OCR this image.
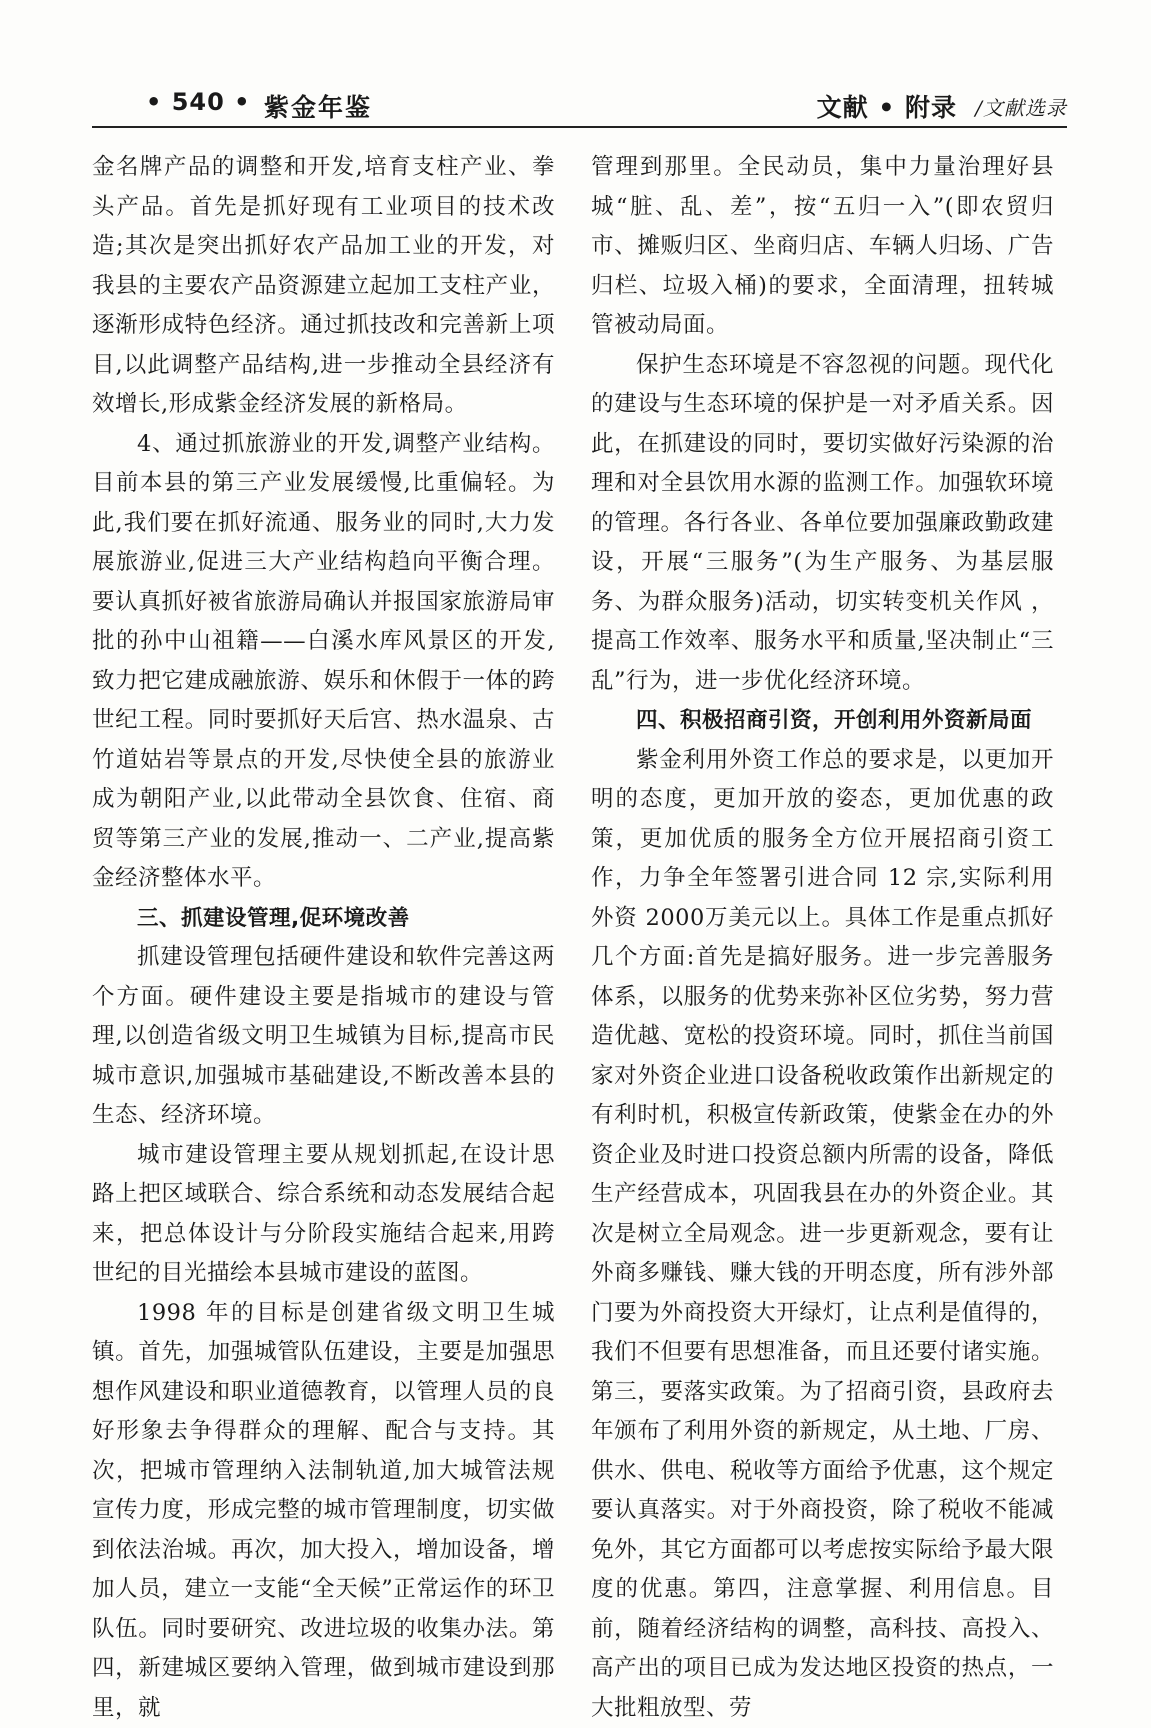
• 540 • 紫金年鉴	文献 • 附录 /文献选录

金名牌产品的调整和开发,培育支柱产业、拳头产品。首先是抓好现有工业项目的技术改造;其次是突出抓好农产品加工业的开发，对我县的主要农产品资源建立起加工支柱产业，逐渐形成特色经济。通过抓技改和完善新上项目,以此调整产品结构,进一步推动全县经济有效增长,形成紫金经济发展的新格局。

4、通过抓旅游业的开发,调整产业结构。目前本县的第三产业发展缓慢,比重偏轻。为此,我们要在抓好流通、服务业的同时,大力发展旅游业,促进三大产业结构趋向平衡合理。要认真抓好被省旅游局确认并报国家旅游局审批的孙中山祖籍——白溪水库风景区的开发,致力把它建成融旅游、娱乐和休假于一体的跨世纪工程。同时要抓好天后宫、热水温泉、古竹道姑岩等景点的开发,尽快使全县的旅游业成为朝阳产业,以此带动全县饮食、住宿、商贸等第三产业的发展,推动一、二产业,提高紫金经济整体水平。

三、抓建设管理,促环境改善

抓建设管理包括硬件建设和软件完善这两个方面。硬件建设主要是指城市的建设与管理,以创造省级文明卫生城镇为目标,提高市民城市意识,加强城市基础建设,不断改善本县的生态、经济环境。

城市建设管理主要从规划抓起,在设计思路上把区域联合、综合系统和动态发展结合起来，把总体设计与分阶段实施结合起来,用跨世纪的目光描绘本县城市建设的蓝图。

1998 年的目标是创建省级文明卫生城镇。首先，加强城管队伍建设，主要是加强思想作风建设和职业道德教育，以管理人员的良好形象去争得群众的理解、配合与支持。其次，把城市管理纳入法制轨道,加大城管法规宣传力度，形成完整的城市管理制度，切实做到依法治城。再次，加大投入，增加设备，增加人员，建立一支能“全天候”正常运作的环卫队伍。同时要研究、改进垃圾的收集办法。第四，新建城区要纳入管理，做到城市建设到那里，就

管理到那里。全民动员，集中力量治理好县城“脏、乱、差”，按“五归一入”(即农贸归市、摊贩归区、坐商归店、车辆人归场、广告归栏、垃圾入桶)的要求，全面清理，扭转城管被动局面。

保护生态环境是不容忽视的问题。现代化的建设与生态环境的保护是一对矛盾关系。因此，在抓建设的同时，要切实做好污染源的治理和对全县饮用水源的监测工作。加强软环境的管理。各行各业、各单位要加强廉政勤政建设，开展“三服务”(为生产服务、为基层服务、为群众服务)活动，切实转变机关作风 ，提高工作效率、服务水平和质量,坚决制止“三乱”行为，进一步优化经济环境。

四、积极招商引资，开创利用外资新局面

紫金利用外资工作总的要求是，以更加开明的态度，更加开放的姿态，更加优惠的政策，更加优质的服务全方位开展招商引资工作，力争全年签署引进合同 12 宗,实际利用外资 2000万美元以上。具体工作是重点抓好几个方面:首先是搞好服务。进一步完善服务体系，以服务的优势来弥补区位劣势，努力营造优越、宽松的投资环境。同时，抓住当前国家对外资企业进口设备税收政策作出新规定的有利时机，积极宣传新政策，使紫金在办的外资企业及时进口投资总额内所需的设备，降低生产经营成本，巩固我县在办的外资企业。其次是树立全局观念。进一步更新观念，要有让外商多赚钱、赚大钱的开明态度，所有涉外部门要为外商投资大开绿灯，让点利是值得的，我们不但要有思想准备，而且还要付诸实施。第三，要落实政策。为了招商引资，县政府去年颁布了利用外资的新规定，从土地、厂房、供水、供电、税收等方面给予优惠，这个规定要认真落实。对于外商投资，除了税收不能减免外，其它方面都可以考虑按实际给予最大限度的优惠。第四，注意掌握、利用信息。目前，随着经济结构的调整，高科技、高投入、高产出的项目已成为发达地区投资的热点，一大批粗放型、劳
